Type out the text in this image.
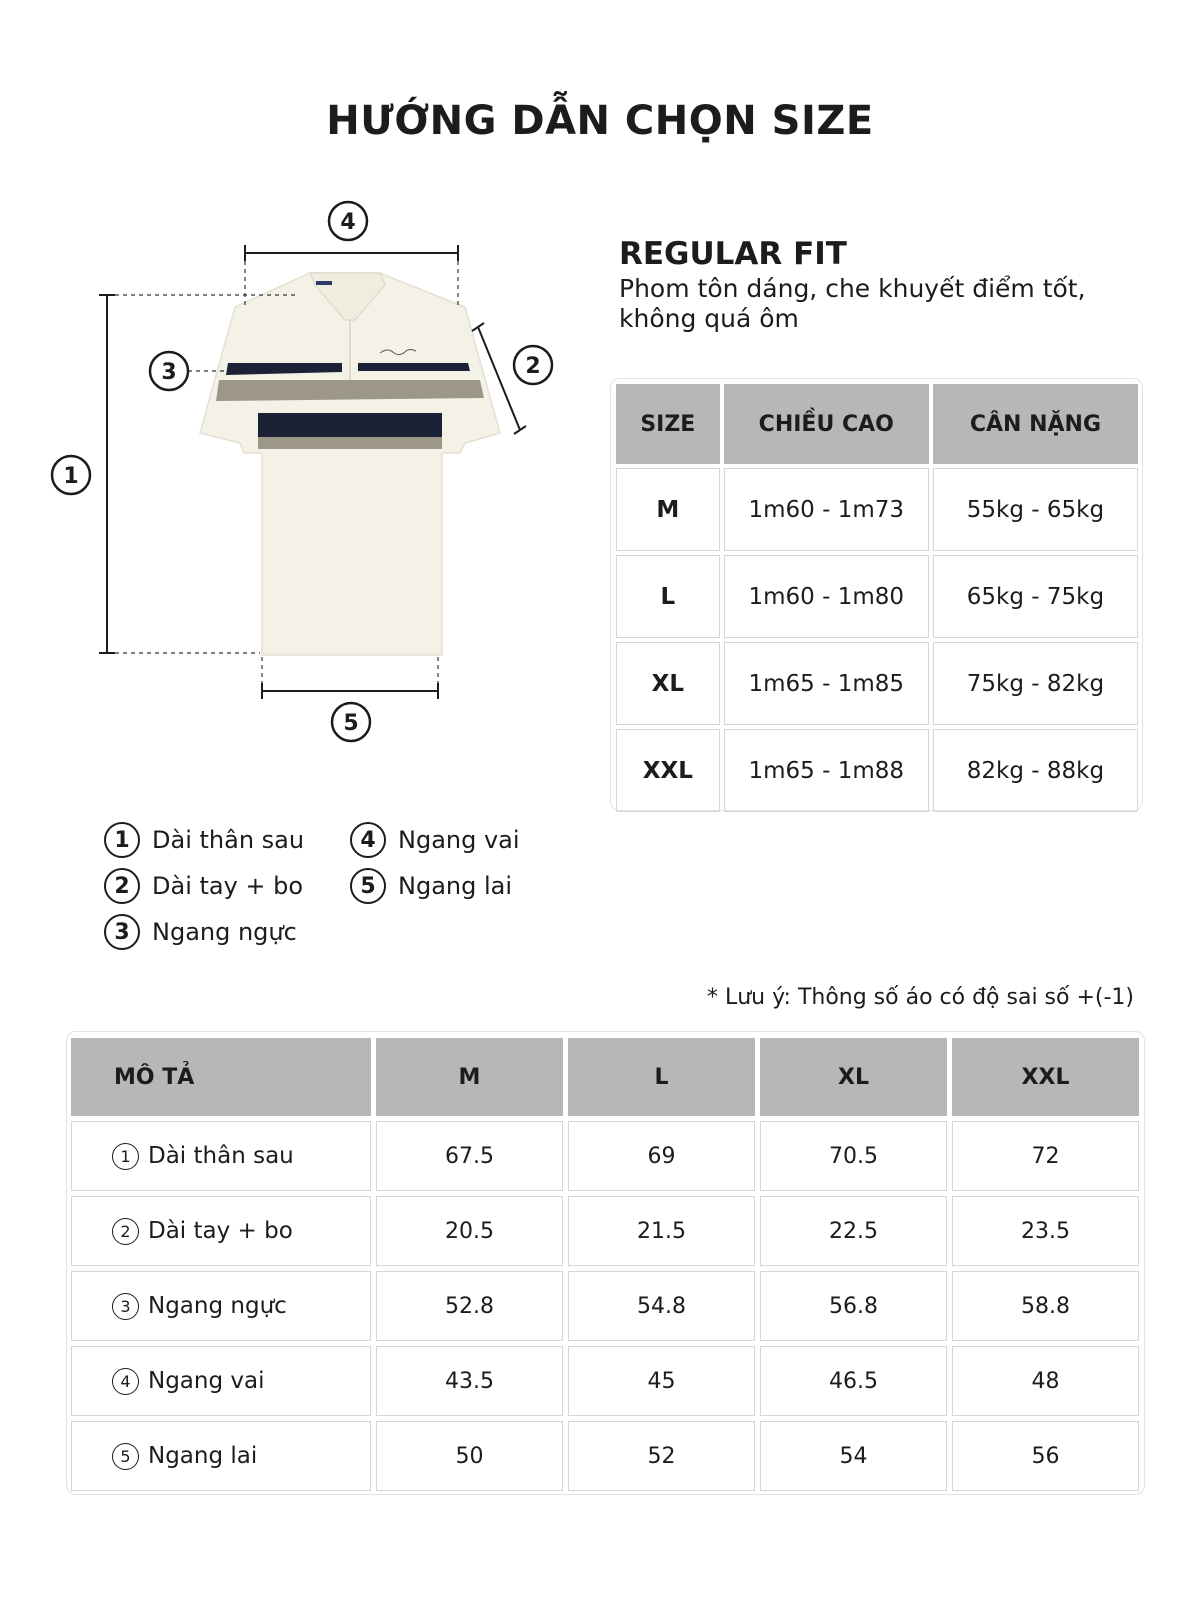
HƯỚNG DẪN CHỌN SIZE
4
1
2
3
5
REGULAR FIT
Phom tôn dáng, che khuyết điểm tốt, không quá ôm
SIZE	CHIỀU CAO	CÂN NẶNG
M	1m60 - 1m73	55kg - 65kg
L	1m60 - 1m80	65kg - 75kg
XL	1m65 - 1m85	75kg - 82kg
XXL	1m65 - 1m88	82kg - 88kg
1 Dài thân sau
2 Dài tay + bo
3 Ngang ngực
4 Ngang vai
5 Ngang lai
* Lưu ý: Thông số áo có độ sai số +(-1)
MÔ TẢ	M	L	XL	XXL

1 Dài thân sau	67.5	69	70.5	72

2 Dài tay + bo	20.5	21.5	22.5	23.5

3 Ngang ngực	52.8	54.8	56.8	58.8

4 Ngang vai	43.5	45	46.5	48

5 Ngang lai	50	52	54	56
